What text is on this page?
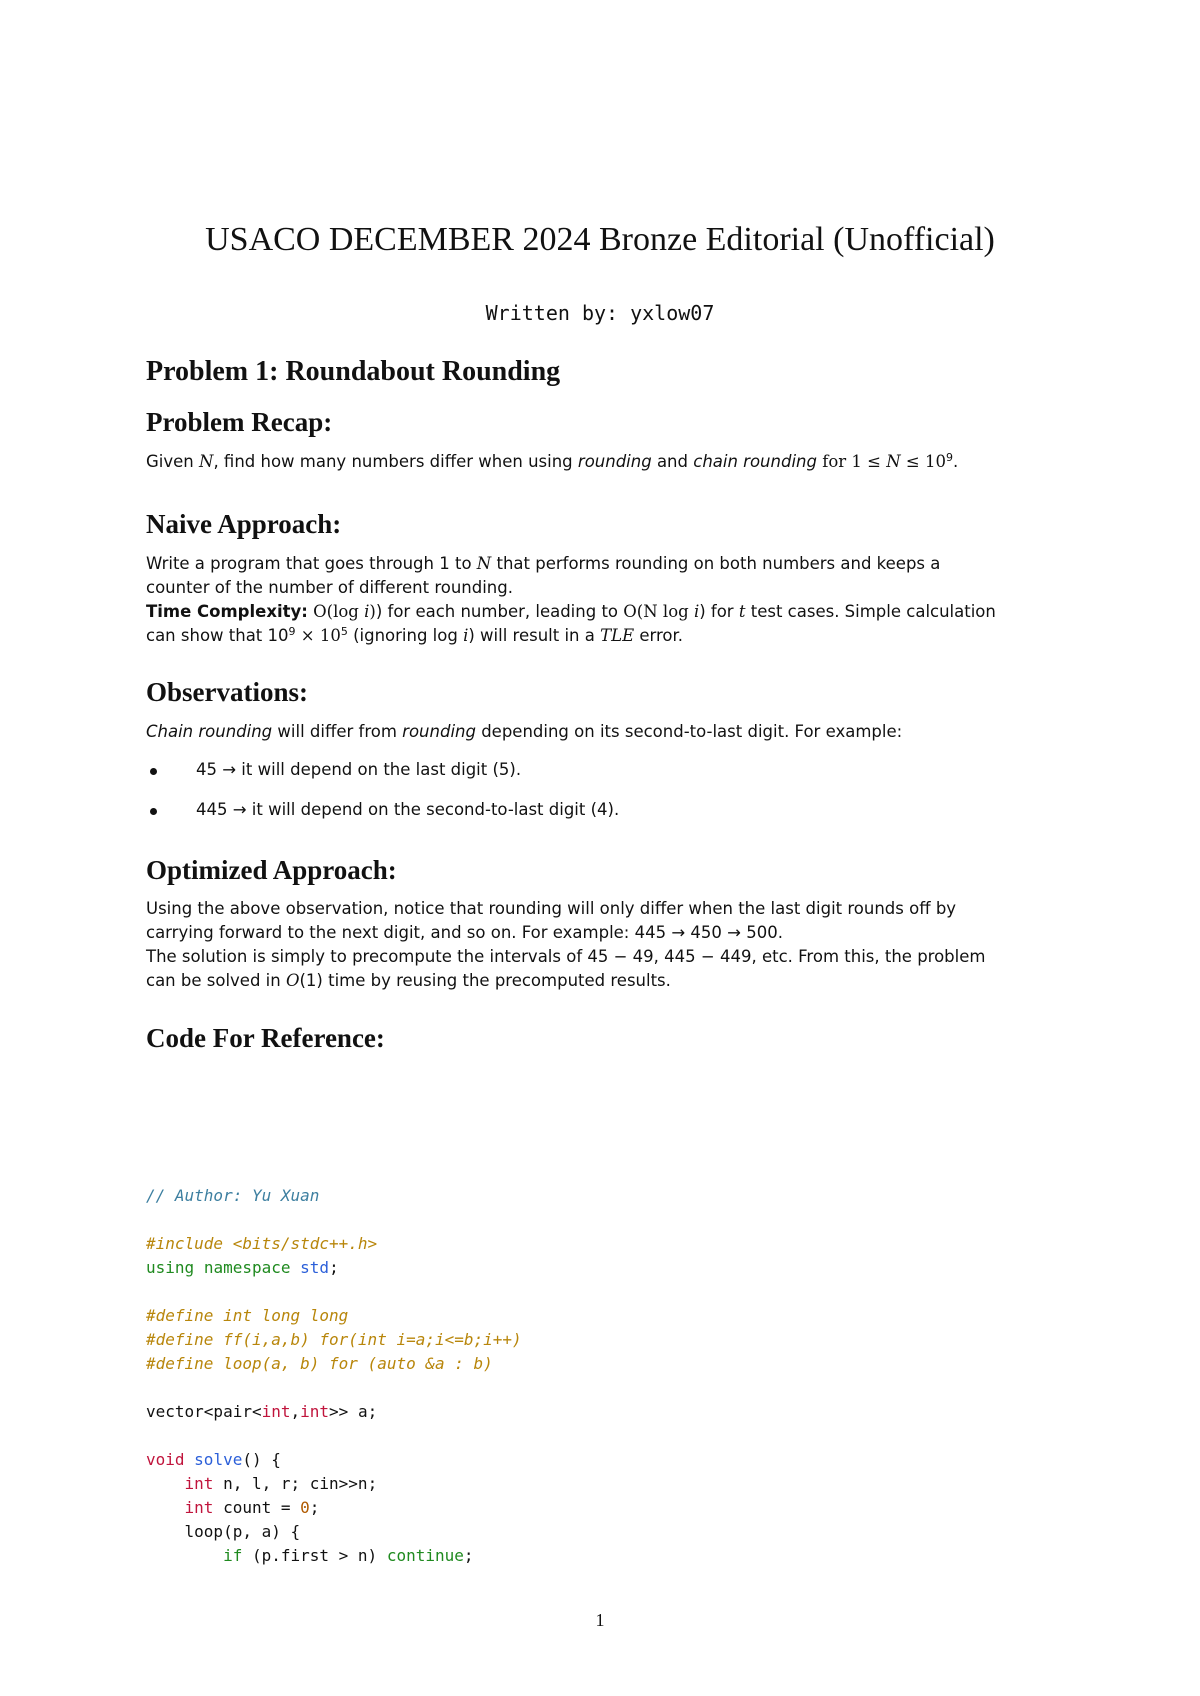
USACO DECEMBER 2024 Bronze Editorial (Unofficial)
Written by: yxlow07
Problem 1: Roundabout Rounding
Problem Recap:
Given N, find how many numbers differ when using rounding and chain rounding for $1 \le N \le 10^9$.
Naive Approach:
Write a program that goes through 1 to N that performs rounding on both numbers and keeps a
counter of the number of different rounding.
Time Complexity: O(log i)) for each number, leading to O(N log i) for t test cases. Simple calculation
can show that $10^9 \times 10^5$ (ignoring log i) will result in a TLE error.
Observations:
Chain rounding will differ from rounding depending on its second-to-last digit. For example:
45 → it will depend on the last digit (5).
445 → it will depend on the second-to-last digit (4).
Optimized Approach:
Using the above observation, notice that rounding will only differ when the last digit rounds off by
carrying forward to the next digit, and so on. For example: 445 → 450 → 500.
The solution is simply to precompute the intervals of 45 − 49, 445 − 449, etc. From this, the problem
can be solved in O(1) time by reusing the precomputed results.
Code For Reference:

// Author: Yu Xuan
#include <bits/stdc++.h>
using namespace std;
#define int long long
#define ff(i,a,b) for(int i=a;i<=b;i++)
#define loop(a, b) for (auto &a : b)
vector<pair<int,int>> a;
void solve() {
int n, l, r; cin>>n;
int count = 0;
loop(p, a) {
if (p.first > n) continue;
1
